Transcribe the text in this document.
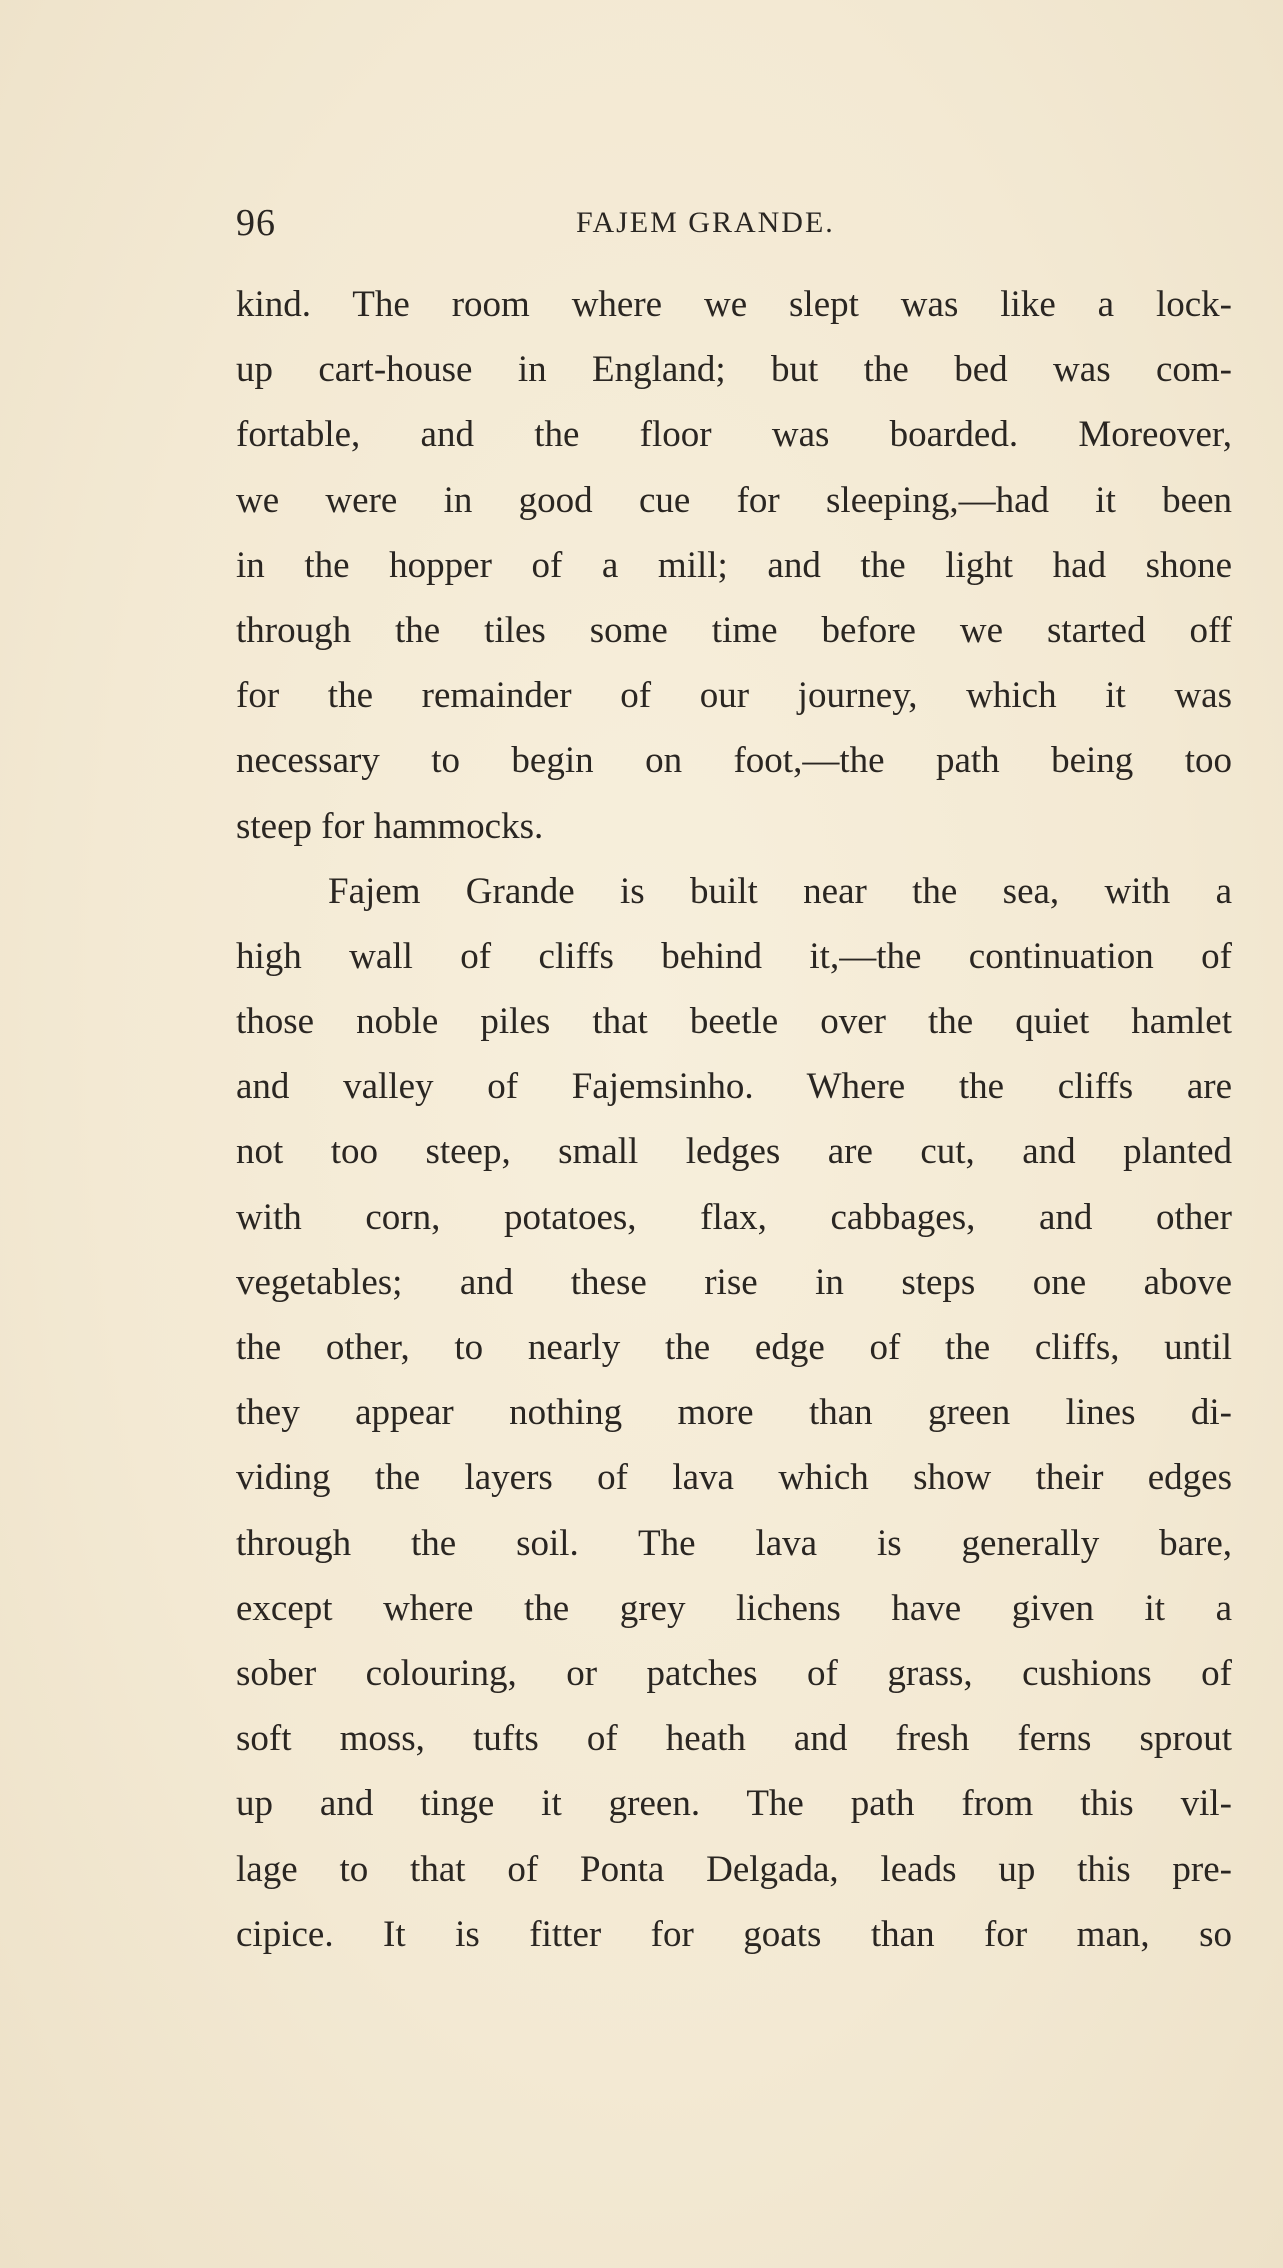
96	FAJEM GRANDE.
kind. The room where we slept was like a lock-
up cart-house in England; but the bed was com-
fortable, and the floor was boarded. Moreover,
we were in good cue for sleeping,—had it been
in the hopper of a mill; and the light had shone
through the tiles some time before we started off
for the remainder of our journey, which it was
necessary to begin on foot,—the path being too
steep for hammocks.
Fajem Grande is built near the sea, with a
high wall of cliffs behind it,—the continuation of
those noble piles that beetle over the quiet hamlet
and valley of Fajemsinho. Where the cliffs are
not too steep, small ledges are cut, and planted
with corn, potatoes, flax, cabbages, and other
vegetables; and these rise in steps one above
the other, to nearly the edge of the cliffs, until
they appear nothing more than green lines di-
viding the layers of lava which show their edges
through the soil. The lava is generally bare,
except where the grey lichens have given it a
sober colouring, or patches of grass, cushions of
soft moss, tufts of heath and fresh ferns sprout
up and tinge it green. The path from this vil-
lage to that of Ponta Delgada, leads up this pre-
cipice. It is fitter for goats than for man, so
